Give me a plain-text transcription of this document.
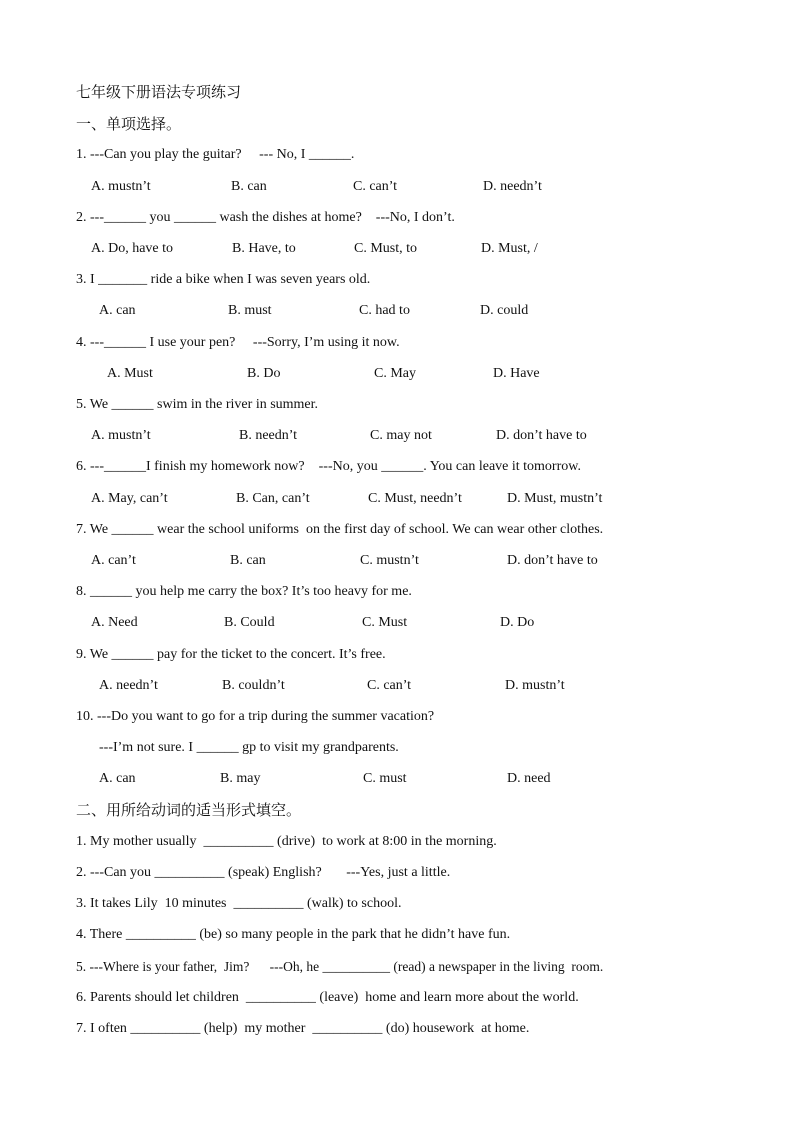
七年级下册语法专项练习
一、单项选择。
1. ---Can you play the guitar?     --- No, I ______.
A. mustn’t	B. can	C. can’t	D. needn’t
2. ---______ you ______ wash the dishes at home?    ---No, I don’t.
A. Do, have to	B. Have, to	C. Must, to	D. Must, /
3. I _______ ride a bike when I was seven years old.
A. can	B. must	C. had to	D. could
4. ---______ I use your pen?     ---Sorry, I’m using it now.
A. Must	B. Do	C. May	D. Have
5. We ______ swim in the river in summer.
A. mustn’t	B. needn’t	C. may not	D. don’t have to
6. ---______I finish my homework now?    ---No, you ______. You can leave it tomorrow.
A. May, can’t	B. Can, can’t	C. Must, needn’t	D. Must, mustn’t
7. We ______ wear the school uniforms  on the first day of school. We can wear other clothes.
A. can’t	B. can	C. mustn’t	D. don’t have to
8. ______ you help me carry the box? It’s too heavy for me.
A. Need	B. Could	C. Must	D. Do
9. We ______ pay for the ticket to the concert. It’s free.
A. needn’t	B. couldn’t	C. can’t	D. mustn’t
10. ---Do you want to go for a trip during the summer vacation?
---I’m not sure. I ______ gp to visit my grandparents.
A. can	B. may	C. must	D. need
二、用所给动词的适当形式填空。
1. My mother usually  __________ (drive)  to work at 8:00 in the morning.
2. ---Can you __________ (speak) English?       ---Yes, just a little.
3. It takes Lily  10 minutes  __________ (walk) to school.
4. There __________ (be) so many people in the park that he didn’t have fun.
5. ---Where is your father,  Jim?      ---Oh, he __________ (read) a newspaper in the living  room.
6. Parents should let children  __________ (leave)  home and learn more about the world.
7. I often __________ (help)  my mother  __________ (do) housework  at home.
